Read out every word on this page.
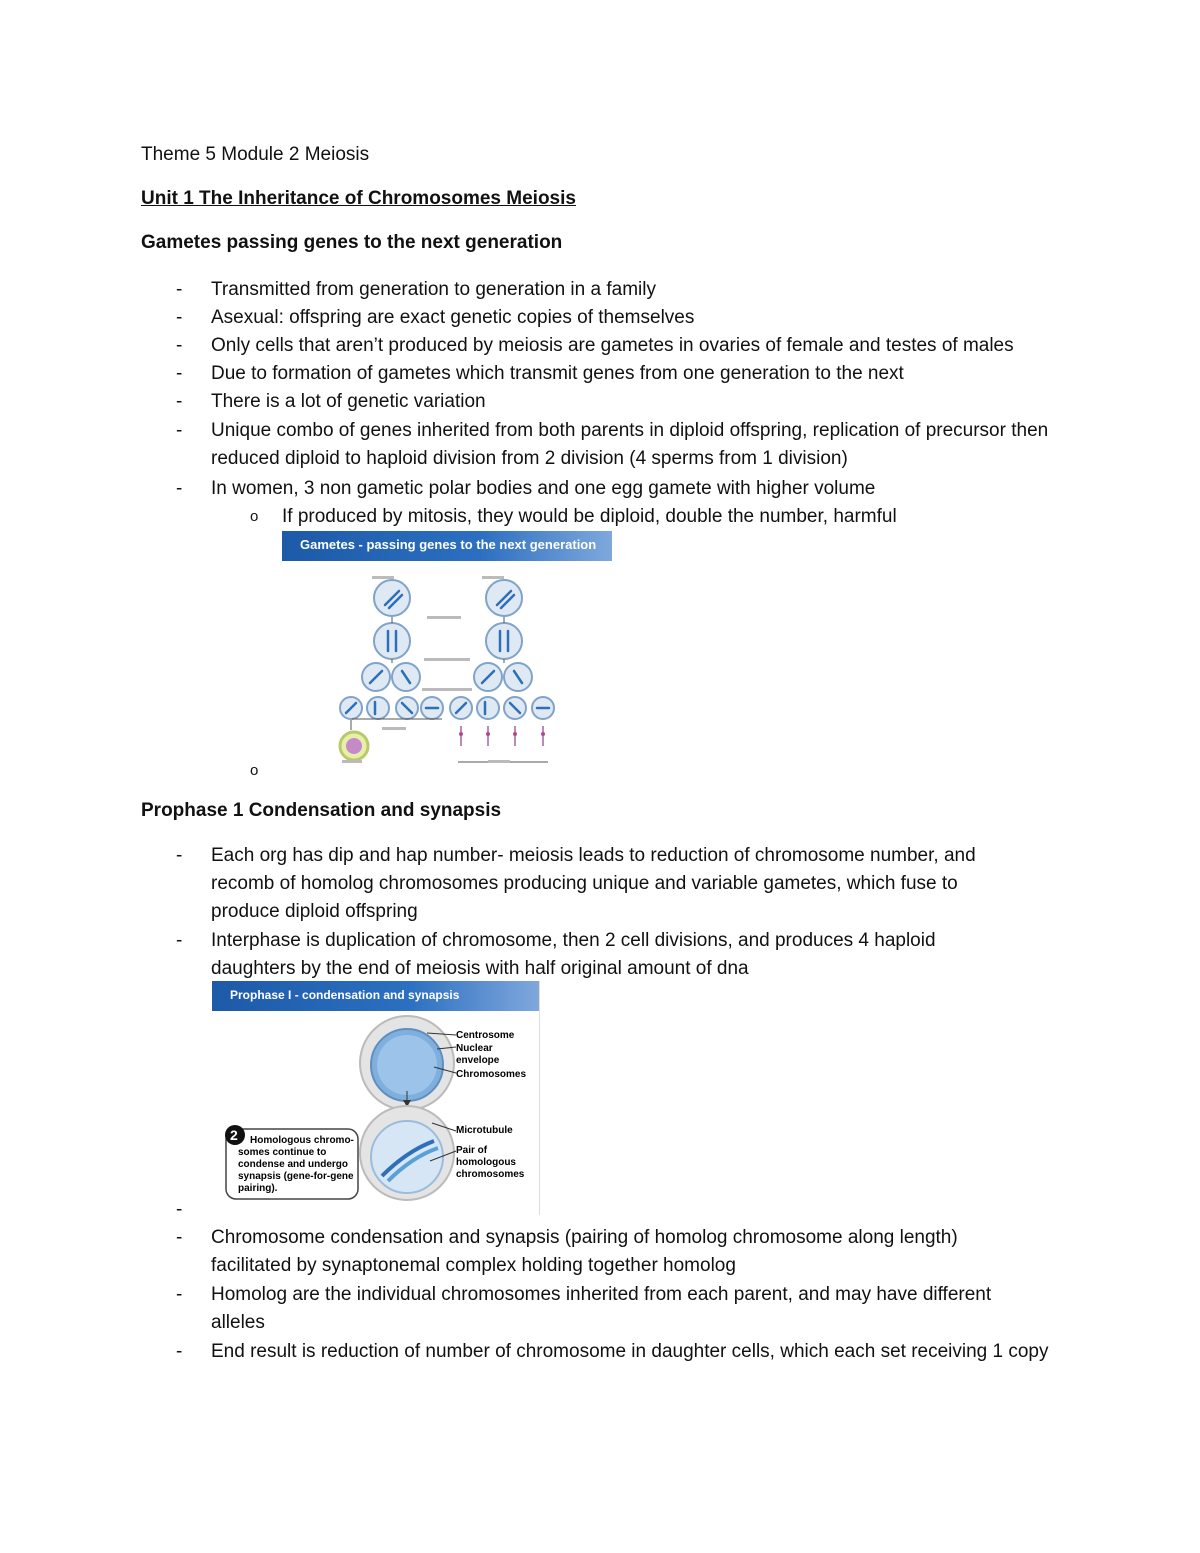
Theme 5 Module 2 Meiosis
Unit 1 The Inheritance of Chromosomes Meiosis
Gametes passing genes to the next generation
- Transmitted from generation to generation in a family
- Asexual: offspring are exact genetic copies of themselves
- Only cells that aren’t produced by meiosis are gametes in ovaries of female and testes of males
- Due to formation of gametes which transmit genes from one generation to the next
- There is a lot of genetic variation
- Unique combo of genes inherited from both parents in diploid offspring, replication of precursor then reduced diploid to haploid division from 2 division (4 sperms from 1 division)
- In women, 3 non gametic polar bodies and one egg gamete with higher volume
o If produced by mitosis, they would be diploid, double the number, harmful
Gametes - passing genes to the next generation
o
Prophase 1 Condensation and synapsis
- Each org has dip and hap number- meiosis leads to reduction of chromosome number, and recomb of homolog chromosomes producing unique and variable gametes, which fuse to produce diploid offspring
- Interphase is duplication of chromosome, then 2 cell divisions, and produces 4 haploid daughters by the end of meiosis with half original amount of dna
Prophase I - condensation and synapsis
Centrosome
Nuclear
envelope
Chromosomes
Microtubule
Pair of
homologous
chromosomes
2 Homologous chromo-
somes continue to
condense and undergo
synapsis (gene-for-gene
pairing).
-
- Chromosome condensation and synapsis (pairing of homolog chromosome along length) facilitated by synaptonemal complex holding together homolog
- Homolog are the individual chromosomes inherited from each parent, and may have different alleles
- End result is reduction of number of chromosome in daughter cells, which each set receiving 1 copy
